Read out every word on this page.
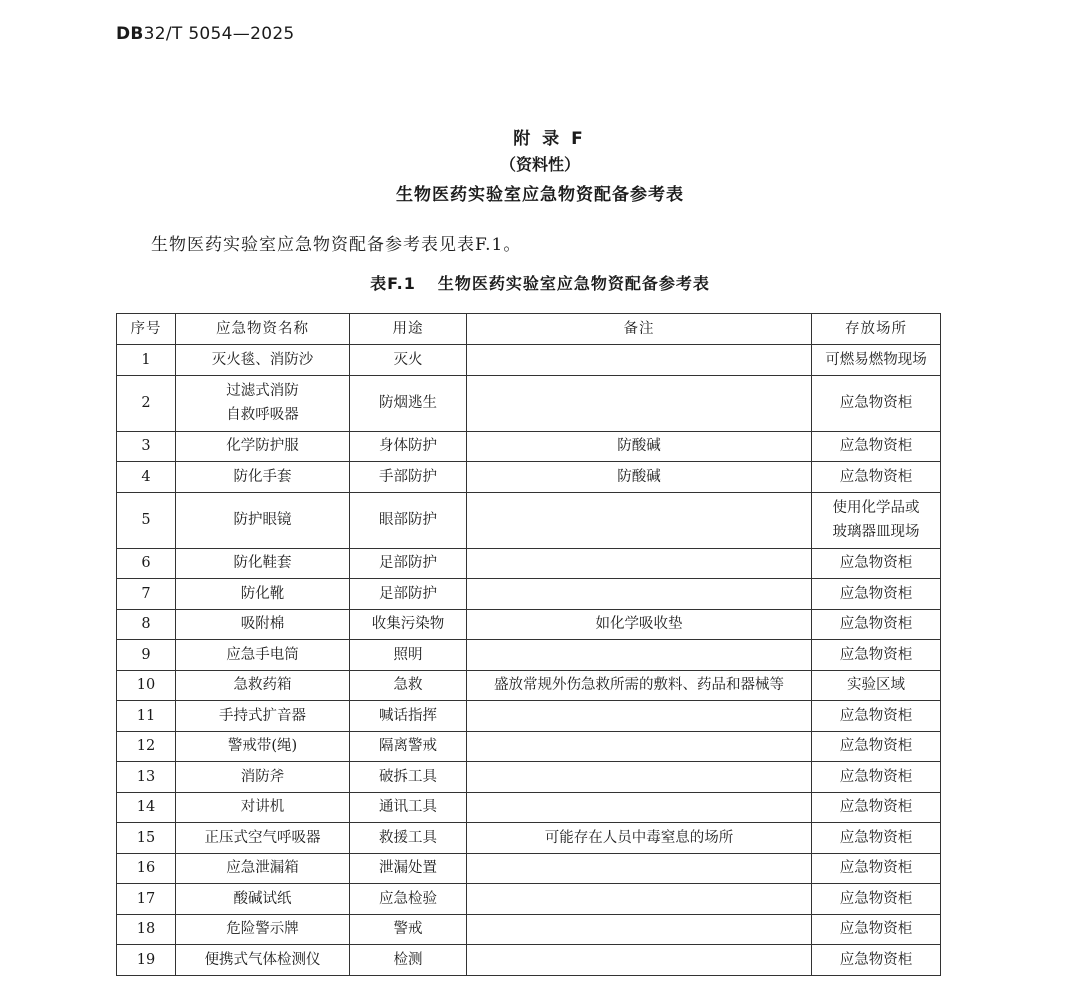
DB32/T 5054—2025
附录F
（资料性）
生物医药实验室应急物资配备参考表
生物医药实验室应急物资配备参考表见表F.1。
表F.1 生物医药实验室应急物资配备参考表
序号	应急物资名称	用途	备注	存放场所
1	灭火毯、消防沙	灭火		可燃易燃物现场

2	过滤式消防
自救呼吸器	防烟逃生		应急物资柜

3	化学防护服	身体防护	防酸碱	应急物资柜

4	防化手套	手部防护	防酸碱	应急物资柜

5	防护眼镜	眼部防护		使用化学品或
玻璃器皿现场

6	防化鞋套	足部防护		应急物资柜

7	防化靴	足部防护		应急物资柜

8	吸附棉	收集污染物	如化学吸收垫	应急物资柜

9	应急手电筒	照明		应急物资柜

10	急救药箱	急救	盛放常规外伤急救所需的敷料、药品和器械等	实验区域

11	手持式扩音器	喊话指挥		应急物资柜

12	警戒带(绳)	隔离警戒		应急物资柜

13	消防斧	破拆工具		应急物资柜

14	对讲机	通讯工具		应急物资柜

15	正压式空气呼吸器	救援工具	可能存在人员中毒窒息的场所	应急物资柜

16	应急泄漏箱	泄漏处置		应急物资柜

17	酸碱试纸	应急检验		应急物资柜

18	危险警示牌	警戒		应急物资柜

19	便携式气体检测仪	检测		应急物资柜
